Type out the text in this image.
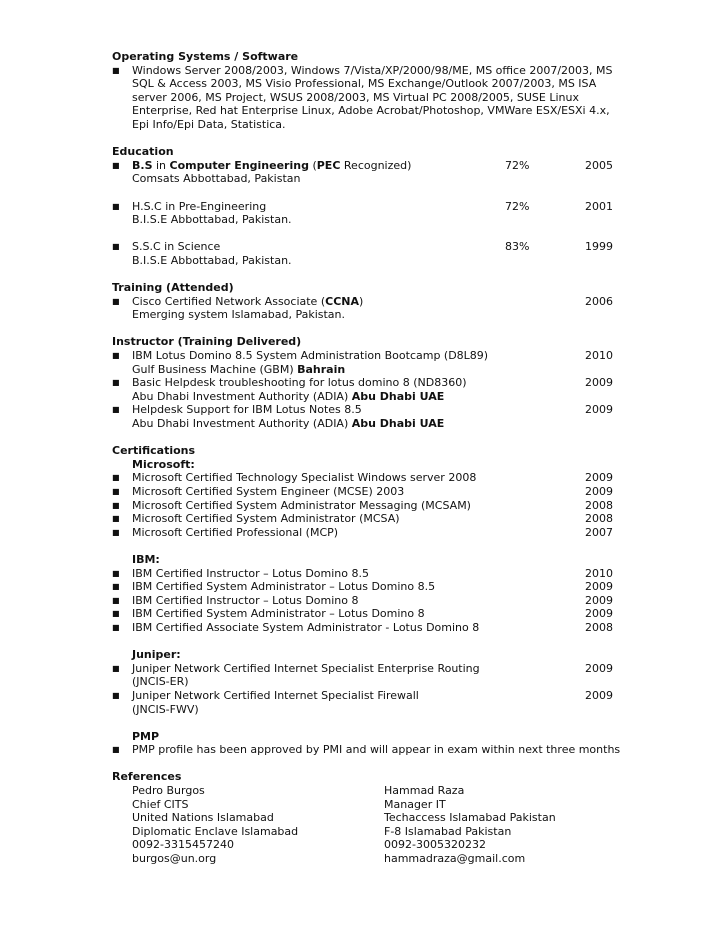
Operating Systems / Software
■ Windows Server 2008/2003, Windows 7/Vista/XP/2000/98/ME, MS office 2007/2003, MS
SQL & Access 2003, MS Visio Professional, MS Exchange/Outlook 2007/2003, MS ISA
server 2006, MS Project, WSUS 2008/2003, MS Virtual PC 2008/2005, SUSE Linux
Enterprise, Red hat Enterprise Linux, Adobe Acrobat/Photoshop, VMWare ESX/ESXi 4.x,
Epi Info/Epi Data, Statistica.
Education
■ B.S in Computer Engineering (PEC Recognized)	72%	2005
Comsats Abbottabad, Pakistan
■ H.S.C in Pre-Engineering	72%	2001
B.I.S.E Abbottabad, Pakistan.
■ S.S.C in Science	83%	1999
B.I.S.E Abbottabad, Pakistan.
Training (Attended)
■ Cisco Certified Network Associate (CCNA)	2006
Emerging system Islamabad, Pakistan.
Instructor (Training Delivered)
■ IBM Lotus Domino 8.5 System Administration Bootcamp (D8L89)	2010
Gulf Business Machine (GBM) Bahrain
■ Basic Helpdesk troubleshooting for lotus domino 8 (ND8360)	2009
Abu Dhabi Investment Authority (ADIA) Abu Dhabi UAE
■ Helpdesk Support for IBM Lotus Notes 8.5	2009
Abu Dhabi Investment Authority (ADIA) Abu Dhabi UAE
Certifications
Microsoft:
■ Microsoft Certified Technology Specialist Windows server 2008	2009
■ Microsoft Certified System Engineer (MCSE) 2003	2009
■ Microsoft Certified System Administrator Messaging (MCSAM)	2008
■ Microsoft Certified System Administrator (MCSA)	2008
■ Microsoft Certified Professional (MCP)	2007
IBM:
■ IBM Certified Instructor – Lotus Domino 8.5	2010
■ IBM Certified System Administrator – Lotus Domino 8.5	2009
■ IBM Certified Instructor – Lotus Domino 8	2009
■ IBM Certified System Administrator – Lotus Domino 8	2009
■ IBM Certified Associate System Administrator - Lotus Domino 8	2008
Juniper:
■ Juniper Network Certified Internet Specialist Enterprise Routing	2009
(JNCIS-ER)
■ Juniper Network Certified Internet Specialist Firewall	2009
(JNCIS-FWV)
PMP
■ PMP profile has been approved by PMI and will appear in exam within next three months
References
Pedro Burgos	Hammad Raza
Chief CITS	Manager IT
United Nations Islamabad	Techaccess Islamabad Pakistan
Diplomatic Enclave Islamabad	F-8 Islamabad Pakistan
0092-3315457240	0092-3005320232
burgos@un.org	hammadraza@gmail.com
